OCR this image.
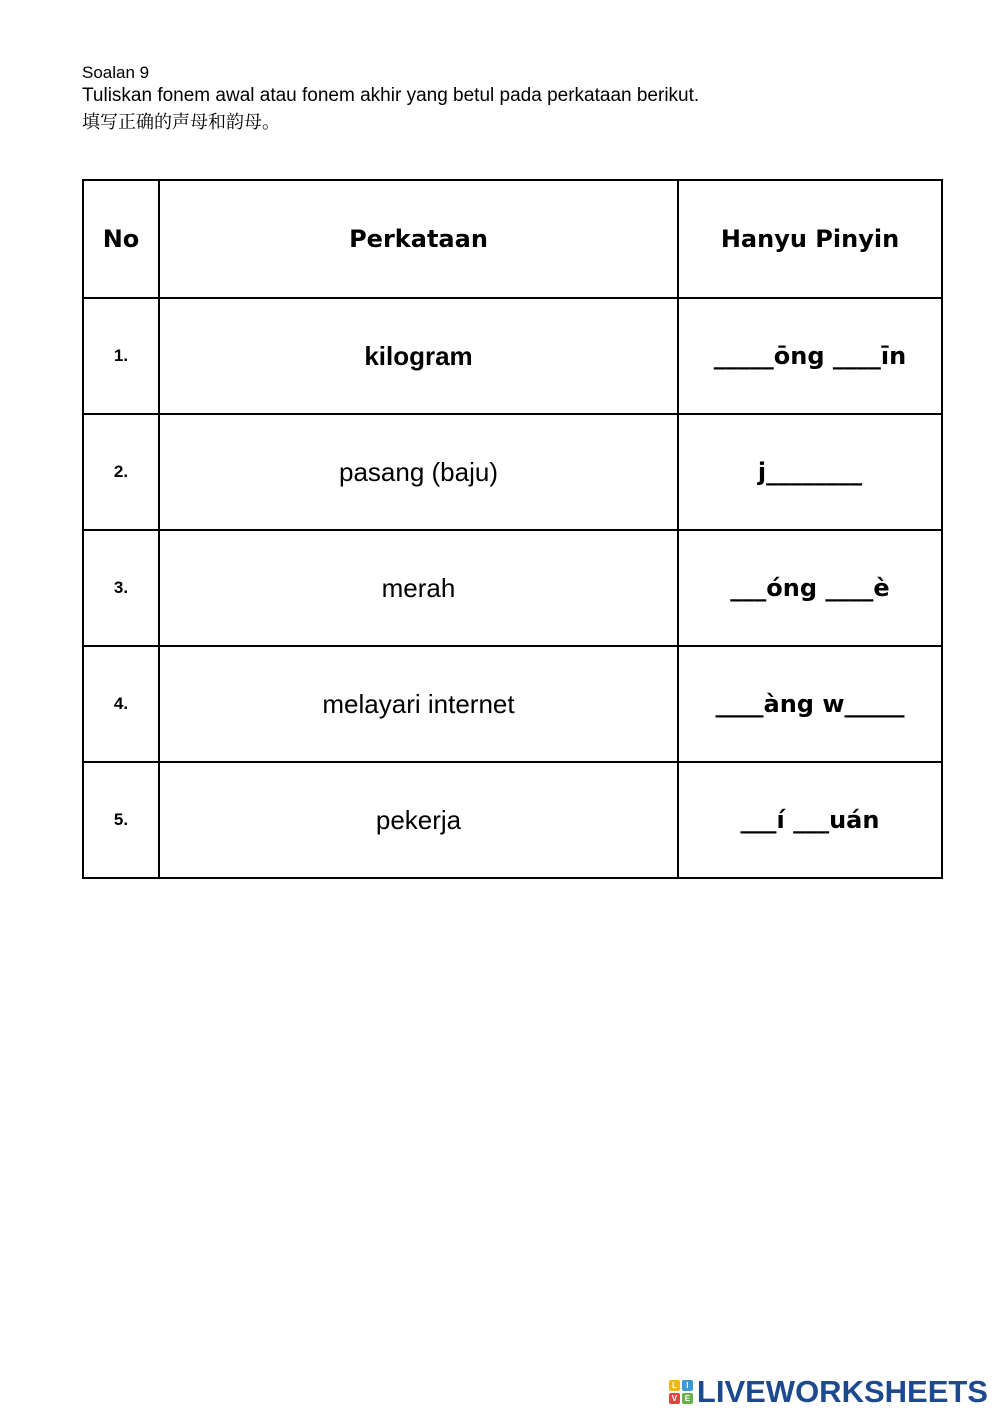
Soalan 9
Tuliskan fonem awal atau fonem akhir yang betul pada perkataan berikut.
填写正确的声母和韵母。
No	Perkataan	Hanyu Pinyin
1.	kilogram	_____ōng ____īn
2.	pasang (baju)	j________
3.	merah	___óng ____è
4.	melayari internet	____àng w_____
5.	pekerja	___í ___uán
L	I
V E LIVEWORKSHEETS
